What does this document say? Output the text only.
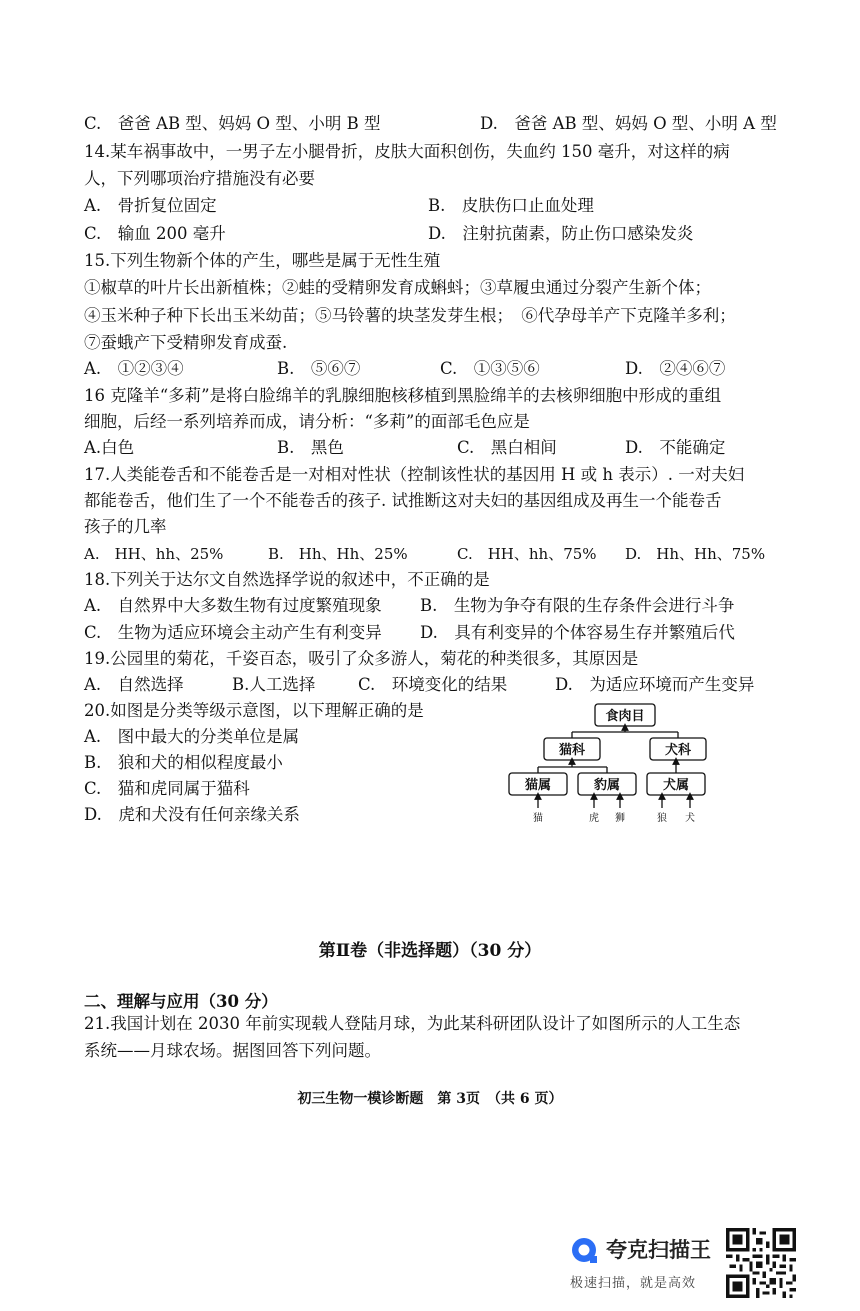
C.　爸爸 AB 型、妈妈 O 型、小明 B 型	D.　爸爸 AB 型、妈妈 O 型、小明 A 型
14.某车祸事故中，一男子左小腿骨折，皮肤大面积创伤，失血约 150 毫升，对这样的病
人，下列哪项治疗措施没有必要
A.　骨折复位固定	B.　皮肤伤口止血处理
C.　输血 200 毫升	D.　注射抗菌素，防止伤口感染发炎
15.下列生物新个体的产生，哪些是属于无性生殖
①椒草的叶片长出新植株；②蛙的受精卵发育成蝌蚪；③草履虫通过分裂产生新个体；
④玉米种子种下长出玉米幼苗；⑤马铃薯的块茎发芽生根；　⑥代孕母羊产下克隆羊多利；
⑦蚕蛾产下受精卵发育成蚕.
A.　①②③④	B.　⑤⑥⑦	C.　①③⑤⑥	D.　②④⑥⑦
16 克隆羊“多莉”是将白脸绵羊的乳腺细胞核移植到黑脸绵羊的去核卵细胞中形成的重组
细胞，后经一系列培养而成，请分析：“多莉”的面部毛色应是
A.白色	B.　黑色	C.　黑白相间	D.　不能确定
17.人类能卷舌和不能卷舌是一对相对性状（控制该性状的基因用 H 或 h 表示）. 一对夫妇
都能卷舌，他们生了一个不能卷舌的孩子. 试推断这对夫妇的基因组成及再生一个能卷舌
孩子的几率
A.　HH、hh、25%	B.　Hh、Hh、25%	C.　HH、hh、75% D.　Hh、Hh、75%
18.下列关于达尔文自然选择学说的叙述中，不正确的是
A.　自然界中大多数生物有过度繁殖现象 B.　生物为争夺有限的生存条件会进行斗争
C.　生物为适应环境会主动产生有利变异 D.　具有利变异的个体容易生存并繁殖后代
19.公园里的菊花，千姿百态，吸引了众多游人，菊花的种类很多，其原因是
A.　自然选择	B.人工选择	C.　环境变化的结果	D.　为适应环境而产生变异
20.如图是分类等级示意图，以下理解正确的是
A.　图中最大的分类单位是属
B.　狼和犬的相似程度最小
C.　猫和虎同属于猫科
D.　虎和犬没有任何亲缘关系
食肉目
猫科	犬科
猫属	豹属	犬属
猫	虎 狮	狼 犬
第Ⅱ卷（非选择题）（30 分）
二、理解与应用（30 分）
21.我国计划在 2030 年前实现载人登陆月球，为此某科研团队设计了如图所示的人工生态
系统——月球农场。据图回答下列问题。
初三生物一模诊断题　第 3页　（共 6 页）
夸克扫描王
极速扫描，就是高效
